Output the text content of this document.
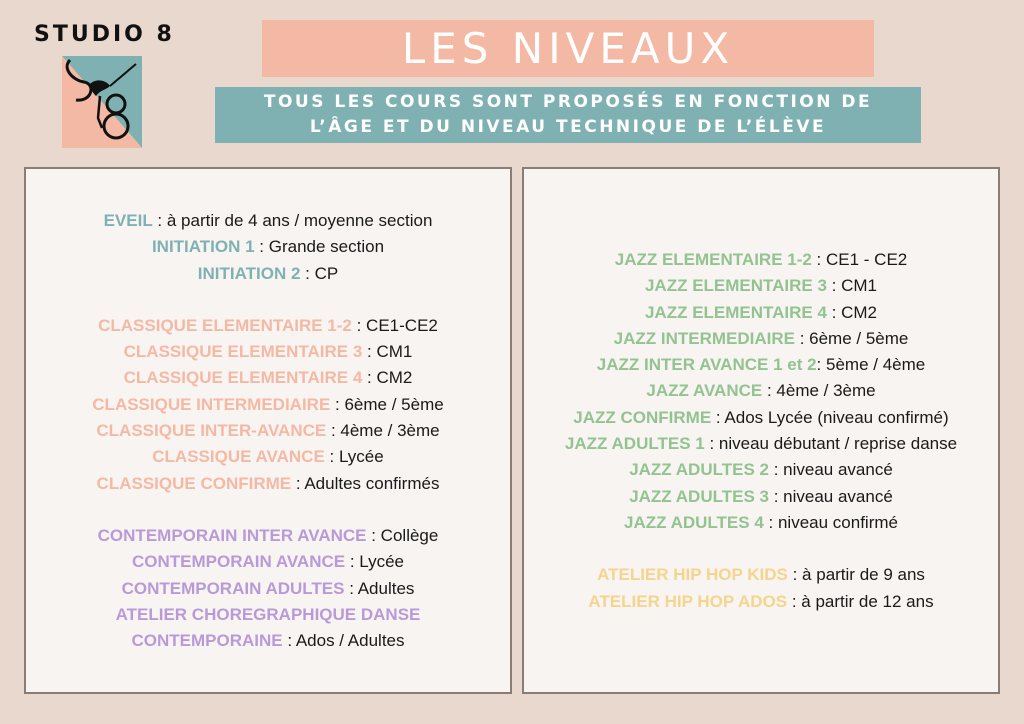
STUDIO 8	LES NIVEAUX
TOUS LES COURS SONT PROPOSÉS EN FONCTION DE
L’ÂGE ET DU NIVEAU TECHNIQUE DE L’ÉLÈVE
EVEIL : à partir de 4 ans / moyenne section
INITIATION 1 : Grande section
INITIATION 2 : CP
CLASSIQUE ELEMENTAIRE 1-2 : CE1-CE2
CLASSIQUE ELEMENTAIRE 3 : CM1
CLASSIQUE ELEMENTAIRE 4 : CM2
CLASSIQUE INTERMEDIAIRE : 6ème / 5ème
CLASSIQUE INTER-AVANCE : 4ème / 3ème
CLASSIQUE AVANCE : Lycée
CLASSIQUE CONFIRME : Adultes confirmés
CONTEMPORAIN INTER AVANCE : Collège
CONTEMPORAIN AVANCE : Lycée
CONTEMPORAIN ADULTES : Adultes
ATELIER CHOREGRAPHIQUE DANSE
CONTEMPORAINE : Ados / Adultes
JAZZ ELEMENTAIRE 1-2 : CE1 - CE2
JAZZ ELEMENTAIRE 3 : CM1
JAZZ ELEMENTAIRE 4 : CM2
JAZZ INTERMEDIAIRE : 6ème / 5ème
JAZZ INTER AVANCE 1 et 2: 5ème / 4ème
JAZZ AVANCE : 4ème / 3ème
JAZZ CONFIRME : Ados Lycée (niveau confirmé)
JAZZ ADULTES 1 : niveau débutant / reprise danse
JAZZ ADULTES 2 : niveau avancé
JAZZ ADULTES 3 : niveau avancé
JAZZ ADULTES 4 : niveau confirmé
ATELIER HIP HOP KIDS : à partir de 9 ans
ATELIER HIP HOP ADOS : à partir de 12 ans
